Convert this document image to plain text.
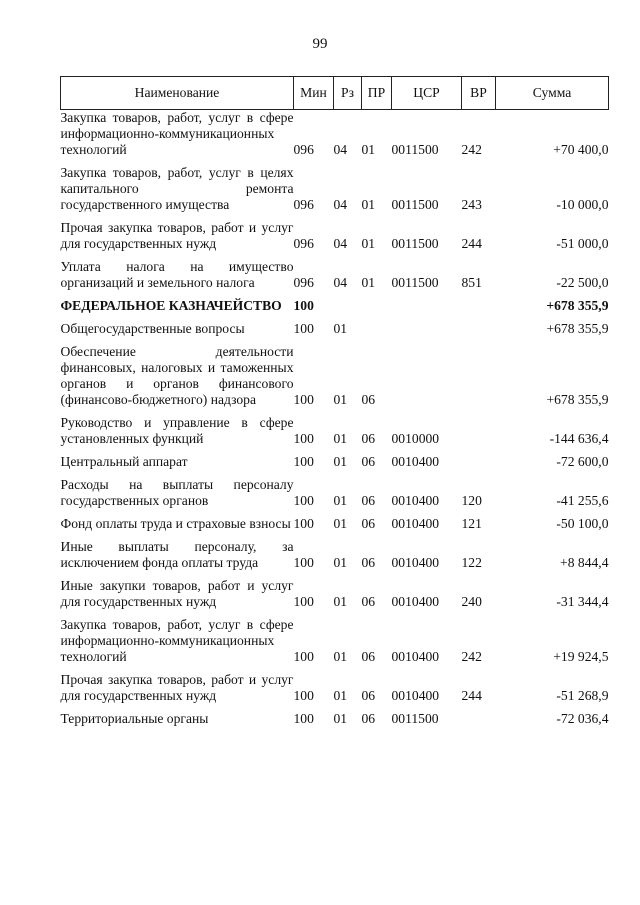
99
Наименование	Мин	Рз	ПР	ЦСР	ВР	Сумма
Закупка товаров, работ, услуг в сфере информационно-коммуникационных технологий	096	04	01	0011500	242	+70 400,0
Закупка товаров, работ, услуг в целях капитального ремонта государственного имущества	096	04	01	0011500	243	-10 000,0
Прочая закупка товаров, работ и услуг для государственных нужд	096	04	01	0011500	244	-51 000,0
Уплата налога на имущество организаций и земельного налога	096	04	01	0011500	851	-22 500,0
ФЕДЕРАЛЬНОЕ КАЗНАЧЕЙСТВО	100					+678 355,9
Общегосударственные вопросы	100	01				+678 355,9
Обеспечение деятельности финансовых, налоговых и таможенных органов и органов финансового (финансово-бюджетного) надзора	100	01	06			+678 355,9
Руководство и управление в сфере установленных функций	100	01	06	0010000		-144 636,4
Центральный аппарат	100	01	06	0010400		-72 600,0
Расходы на выплаты персоналу государственных органов	100	01	06	0010400	120	-41 255,6
Фонд оплаты труда и страховые взносы	100	01	06	0010400	121	-50 100,0
Иные выплаты персоналу, за исключением фонда оплаты труда	100	01	06	0010400	122	+8 844,4
Иные закупки товаров, работ и услуг для государственных нужд	100	01	06	0010400	240	-31 344,4
Закупка товаров, работ, услуг в сфере информационно-коммуникационных технологий	100	01	06	0010400	242	+19 924,5
Прочая закупка товаров, работ и услуг для государственных нужд	100	01	06	0010400	244	-51 268,9
Территориальные органы	100	01	06	0011500		-72 036,4
